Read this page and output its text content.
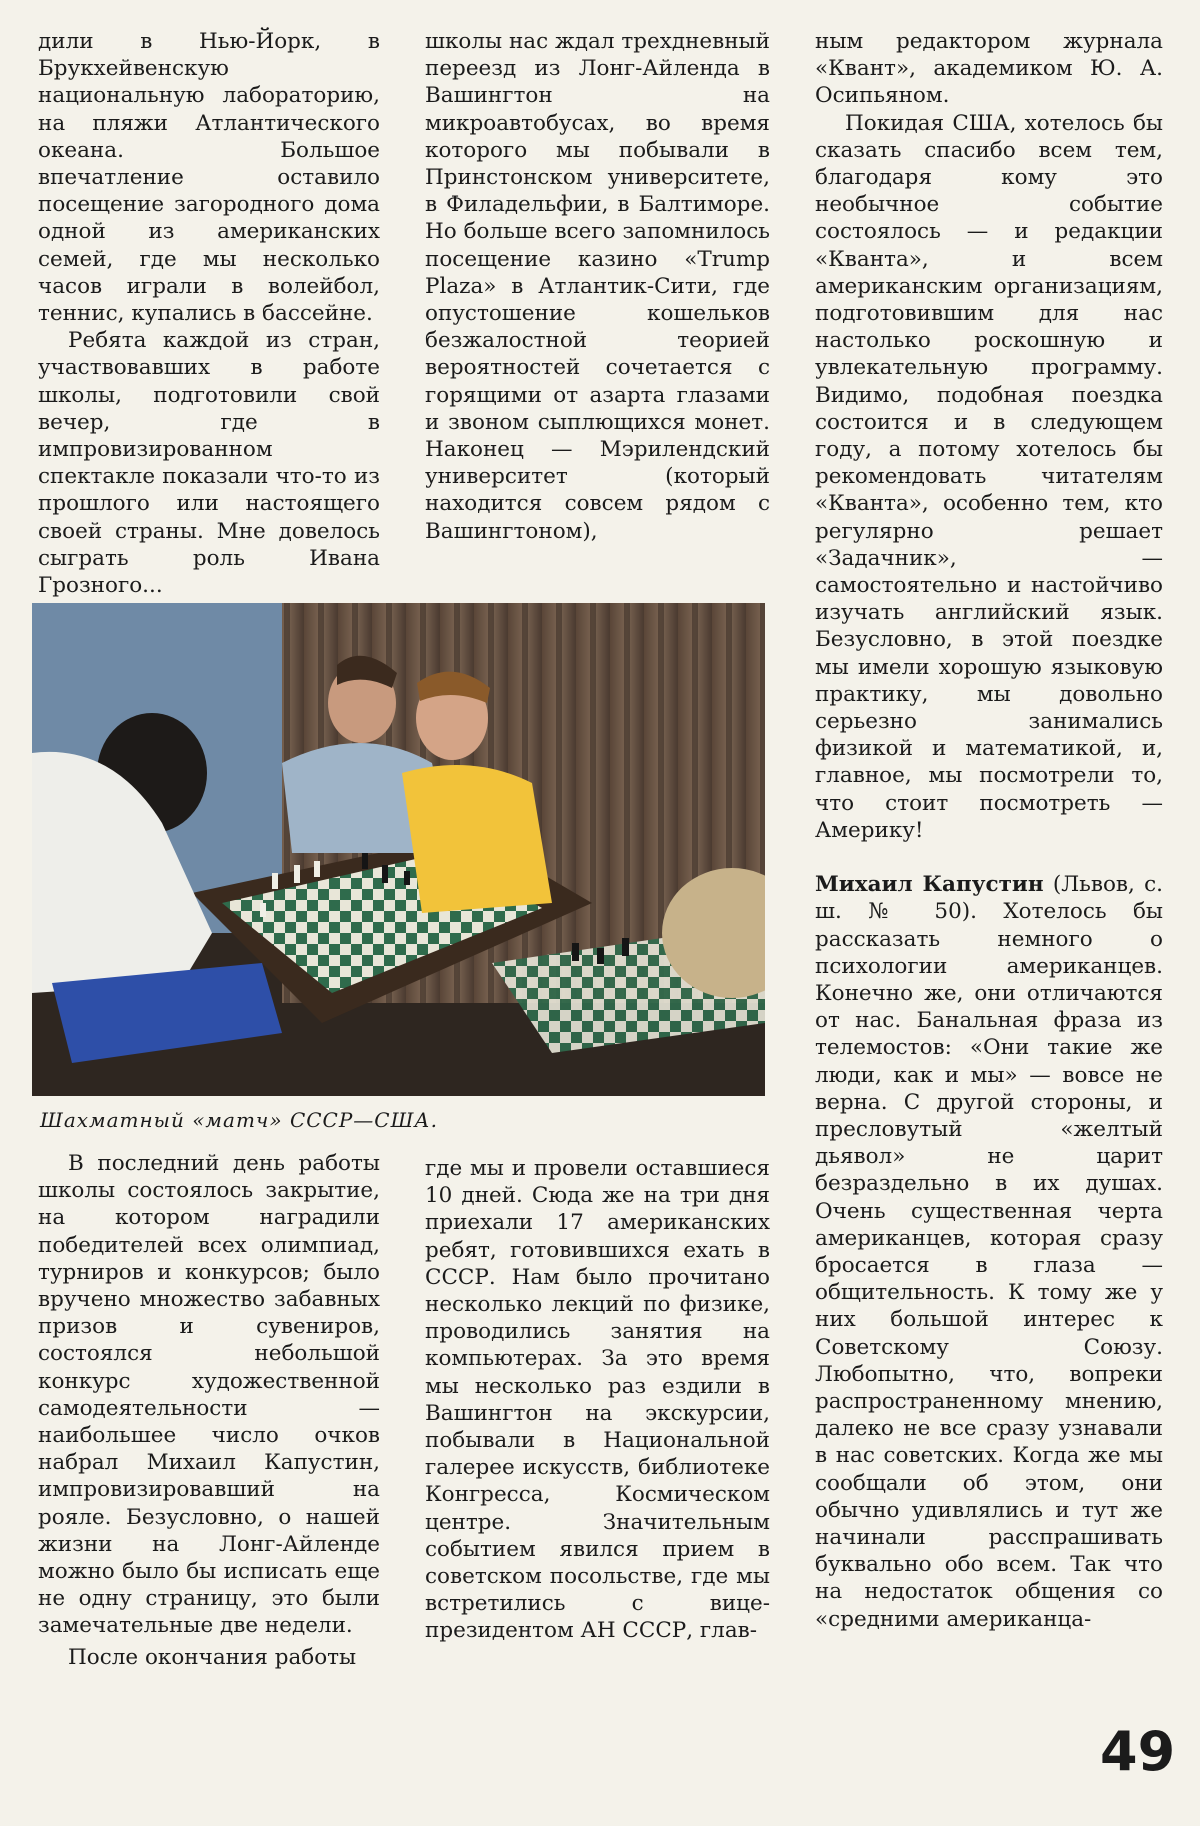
дили в Нью-Йорк, в Брукхейвенскую национальную лабораторию, на пляжи Атлантического океана. Большое впечатление оставило посещение загородного дома одной из американских семей, где мы несколько часов играли в волейбол, теннис, купались в бассейне.

Ребята каждой из стран, участвовавших в работе школы, подготовили свой вечер, где в импровизированном спектакле показали что-то из прошлого или настоящего своей страны. Мне довелось сыграть роль Ивана Грозного...

школы нас ждал трехдневный переезд из Лонг-Айленда в Вашингтон на микроавтобусах, во время которого мы побывали в Принстонском университете, в Филадельфии, в Балтиморе. Но больше всего запомнилось посещение казино «Trump Plaza» в Атлантик-Сити, где опустошение кошельков безжалостной теорией вероятностей сочетается с горящими от азарта глазами и звоном сыплющихся монет. Наконец — Мэрилендский университет (который находится совсем рядом с Вашингтоном),

ным редактором журнала «Квант», академиком Ю. А. Осипьяном.

Покидая США, хотелось бы сказать спасибо всем тем, благодаря кому это необычное событие состоялось — и редакции «Кванта», и всем американским организациям, подготовившим для нас настолько роскошную и увлекательную программу. Видимо, подобная поездка состоится и в следующем году, а потому хотелось бы рекомендовать читателям «Кванта», особенно тем, кто регулярно решает «Задачник», — самостоятельно и настойчиво изучать английский язык. Безусловно, в этой поездке мы имели хорошую языковую практику, мы довольно серьезно занимались физикой и математикой, и, главное, мы посмотрели то, что стоит посмотреть — Америку!

Михаил Капустин (Львов, с. ш. № 50). Хотелось бы рассказать немного о психологии американцев. Конечно же, они отличаются от нас. Банальная фраза из телемостов: «Они такие же люди, как и мы» — вовсе не верна. С другой стороны, и пресловутый «желтый дьявол» не царит безраздельно в их душах. Очень существенная черта американцев, которая сразу бросается в глаза — общительность. К тому же у них большой интерес к Советскому Союзу. Любопытно, что, вопреки распространенному мнению, далеко не все сразу узнавали в нас советских. Когда же мы сообщали об этом, они обычно удивлялись и тут же начинали расспрашивать буквально обо всем. Так что на недостаток общения со «средними американца-

Шахматный «матч» СССР—США.

В последний день работы школы состоялось закрытие, на котором наградили победителей всех олимпиад, турниров и конкурсов; было вручено множество забавных призов и сувениров, состоялся небольшой конкурс художественной самодеятельности — наибольшее число очков набрал Михаил Капустин, импровизировавший на рояле. Безусловно, о нашей жизни на Лонг-Айленде можно было бы исписать еще не одну страницу, это были замечательные две недели.

После окончания работы

где мы и провели оставшиеся 10 дней. Сюда же на три дня приехали 17 американских ребят, готовившихся ехать в СССР. Нам было прочитано несколько лекций по физике, проводились занятия на компьютерах. За это время мы несколько раз ездили в Вашингтон на экскурсии, побывали в Национальной галерее искусств, библиотеке Конгресса, Космическом центре. Значительным событием явился прием в советском посольстве, где мы встретились с вице-президентом АН СССР, глав-

49
